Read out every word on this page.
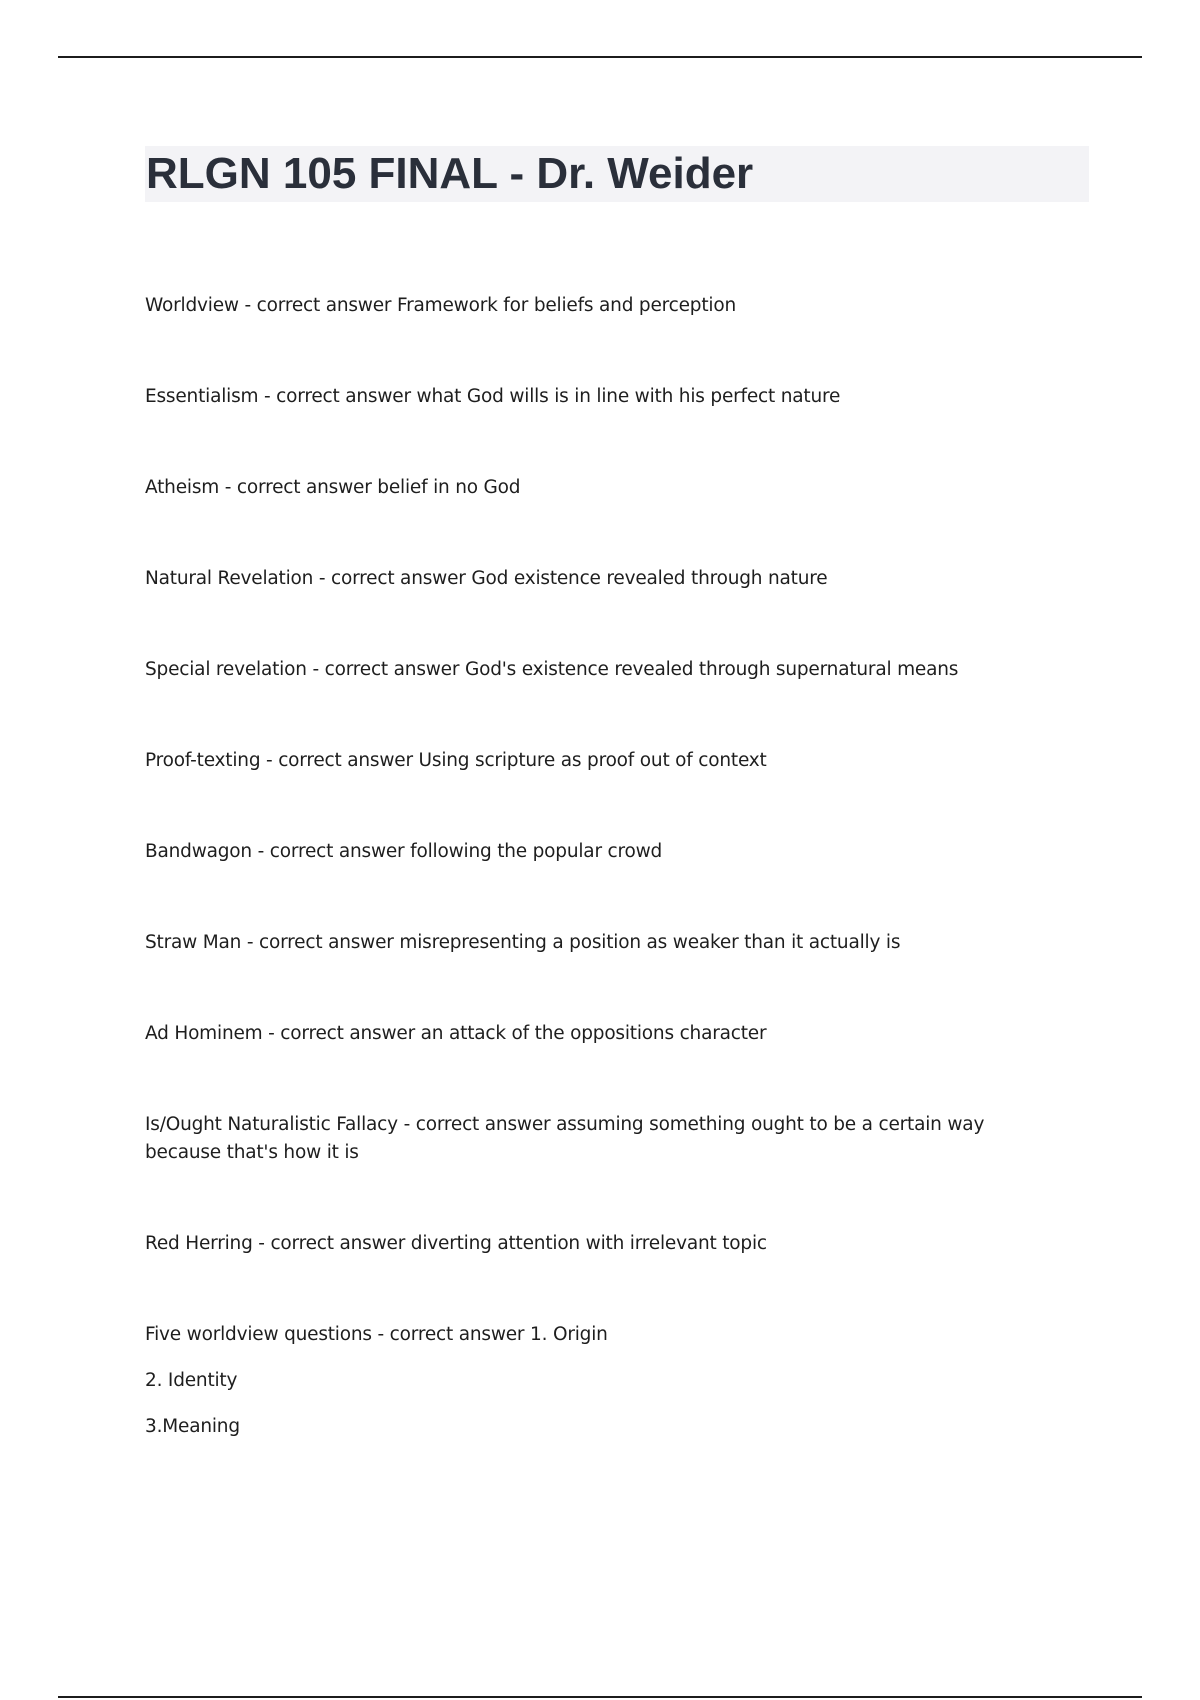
RLGN 105 FINAL - Dr. Weider
Worldview - correct answer Framework for beliefs and perception
Essentialism - correct answer what God wills is in line with his perfect nature
Atheism - correct answer belief in no God
Natural Revelation - correct answer God existence revealed through nature
Special revelation - correct answer God's existence revealed through supernatural means
Proof-texting - correct answer Using scripture as proof out of context
Bandwagon - correct answer following the popular crowd
Straw Man - correct answer misrepresenting a position as weaker than it actually is
Ad Hominem - correct answer an attack of the oppositions character
Is/Ought Naturalistic Fallacy - correct answer assuming something ought to be a certain way because that's how it is
Red Herring - correct answer diverting attention with irrelevant topic
Five worldview questions - correct answer 1. Origin
2. Identity
3.Meaning
